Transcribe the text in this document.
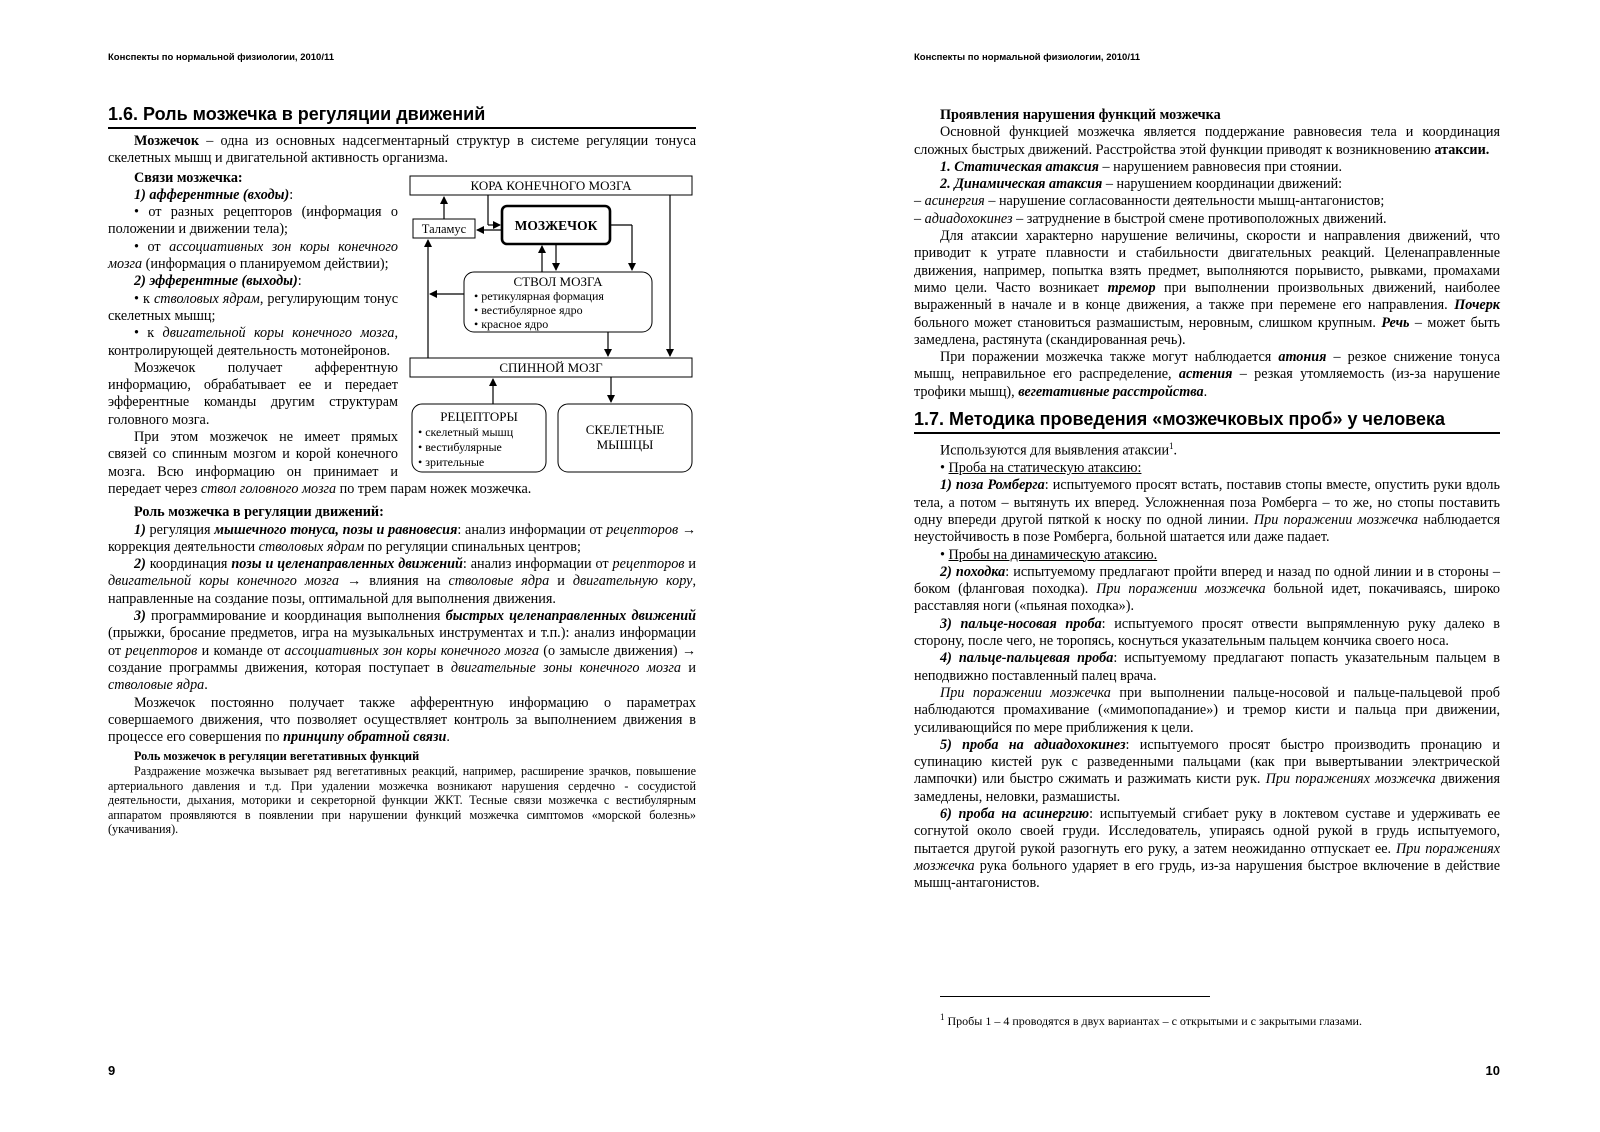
Конспекты по нормальной физиологии, 2010/11
1.6. Роль мозжечка в регуляции движений

Мозжечок – одна из основных надсегментарный структур в системе регуляции тонуса скелетных мышц и двигательной активность организма.

КОРА КОНЕЧНОГО МОЗГА
Таламус	МОЗЖЕЧОК
СТВОЛ МОЗГА
• ретикулярная формация
• вестибулярное ядро
• красное ядро
СПИННОЙ МОЗГ
РЕЦЕПТОРЫ
• скелетный мышц
• вестибулярные
• зрительные
СКЕЛЕТНЫЕ
МЫШЦЫ

Связи мозжечка:

1) афферентные (входы):

• от разных рецепторов (информация о положении и движении тела);

• от ассоциативных зон коры конечного мозга (информация о планируемом действии);

2) эфферентные (выходы):

• к стволовых ядрам, регулирующим тонус скелетных мышц;

• к двигательной коры конечного мозга, контролирующей деятельность мотонейронов.

Мозжечок получает афферентную информацию, обрабатывает ее и передает эфферентные команды другим структурам головного мозга.

При этом мозжечок не имеет прямых связей со спинным мозгом и корой конечного мозга. Всю информацию он принимает и передает через ствол головного мозга по трем парам ножек мозжечка.

Роль мозжечка в регуляции движений:

1) регуляция мышечного тонуса, позы и равновесия: анализ информации от рецепторов → коррекция деятельности стволовых ядрам по регуляции спинальных центров;

2) координация позы и целенаправленных движений: анализ информации от рецепторов и двигательной коры конечного мозга → влияния на стволовые ядра и двигательную кору, направленные на создание позы, оптимальной для выполнения движения.

3) программирование и координация выполнения быстрых целенаправленных движений (прыжки, бросание предметов, игра на музыкальных инструментах и т.п.): анализ информации от рецепторов и команде от ассоциативных зон коры конечного мозга (о замысле движения) → создание программы движения, которая поступает в двигательные зоны конечного мозга и стволовые ядра.

Мозжечок постоянно получает также афферентную информацию о параметрах совершаемого движения, что позволяет осуществляет контроль за выполнением движения в процессе его совершения по принципу обратной связи.

Роль мозжечок в регуляции вегетативных функций

Раздражение мозжечка вызывает ряд вегетативных реакций, например, расширение зрачков, повышение артериального давления и т.д. При удалении мозжечка возникают нарушения сердечно - сосудистой деятельности, дыхания, моторики и секреторной функции ЖКТ. Тесные связи мозжечка с вестибулярным аппаратом проявляются в появлении при нарушении функций мозжечка симптомов «морской болезнь» (укачивания).

9
Конспекты по нормальной физиологии, 2010/11

Проявления нарушения функций мозжечка

Основной функцией мозжечка является поддержание равновесия тела и координация сложных быстрых движений. Расстройства этой функции приводят к возникновению атаксии.

1. Статическая атаксия – нарушением равновесия при стоянии.

2. Динамическая атаксия – нарушением координации движений:

– асинергия – нарушение согласованности деятельности мышц-антагонистов;

– адиадохокинез – затруднение в быстрой смене противоположных движений.

Для атаксии характерно нарушение величины, скорости и направления движений, что приводит к утрате плавности и стабильности двигательных реакций. Целенаправленные движения, например, попытка взять предмет, выполняются порывисто, рывками, промахами мимо цели. Часто возникает тремор при выполнении произвольных движений, наиболее выраженный в начале и в конце движения, а также при перемене его направления. Почерк больного может становиться размашистым, неровным, слишком крупным. Речь – может быть замедлена, растянута (скандированная речь).

При поражении мозжечка также могут наблюдается атония – резкое снижение тонуса мышц, неправильное его распределение, астения – резкая утомляемость (из-за нарушение трофики мышц), вегетативные расстройства.

1.7. Методика проведения «мозжечковых проб» у человека

Используются для выявления атаксии$^1$.

• Проба на статическую атаксию:

1) поза Ромберга: испытуемого просят встать, поставив стопы вместе, опустить руки вдоль тела, а потом – вытянуть их вперед. Усложненная поза Ромберга – то же, но стопы поставить одну впереди другой пяткой к носку по одной линии. При поражении мозжечка наблюдается неустойчивость в позе Ромберга, больной шатается или даже падает.

• Пробы на динамическую атаксию.

2) походка: испытуемому предлагают пройти вперед и назад по одной линии и в стороны – боком (фланговая походка). При поражении мозжечка больной идет, покачиваясь, широко расставляя ноги («пьяная походка»).

3) пальце-носовая проба: испытуемого просят отвести выпрямленную руку далеко в сторону, после чего, не торопясь, коснуться указательным пальцем кончика своего носа.

4) пальце-пальцевая проба: испытуемому предлагают попасть указательным пальцем в неподвижно поставленный палец врача.

При поражении мозжечка при выполнении пальце-носовой и пальце-пальцевой проб наблюдаются промахивание («мимопопадание») и тремор кисти и пальца при движении, усиливающийся по мере приближения к цели.

5) проба на адиадохокинез: испытуемого просят быстро производить пронацию и супинацию кистей рук с разведенными пальцами (как при вывертывании электрической лампочки) или быстро сжимать и разжимать кисти рук. При поражениях мозжечка движения замедлены, неловки, размашисты.

6) проба на асинергию: испытуемый сгибает руку в локтевом суставе и удерживать ее согнутой около своей груди. Исследователь, упираясь одной рукой в грудь испытуемого, пытается другой рукой разогнуть его руку, а затем неожиданно отпускает ее. При поражениях мозжечка рука больного ударяет в его грудь, из-за нарушения быстрое включение в действие мышц-антагонистов.

$^1$ Пробы 1 – 4 проводятся в двух вариантах – с открытыми и с закрытыми глазами.
10
